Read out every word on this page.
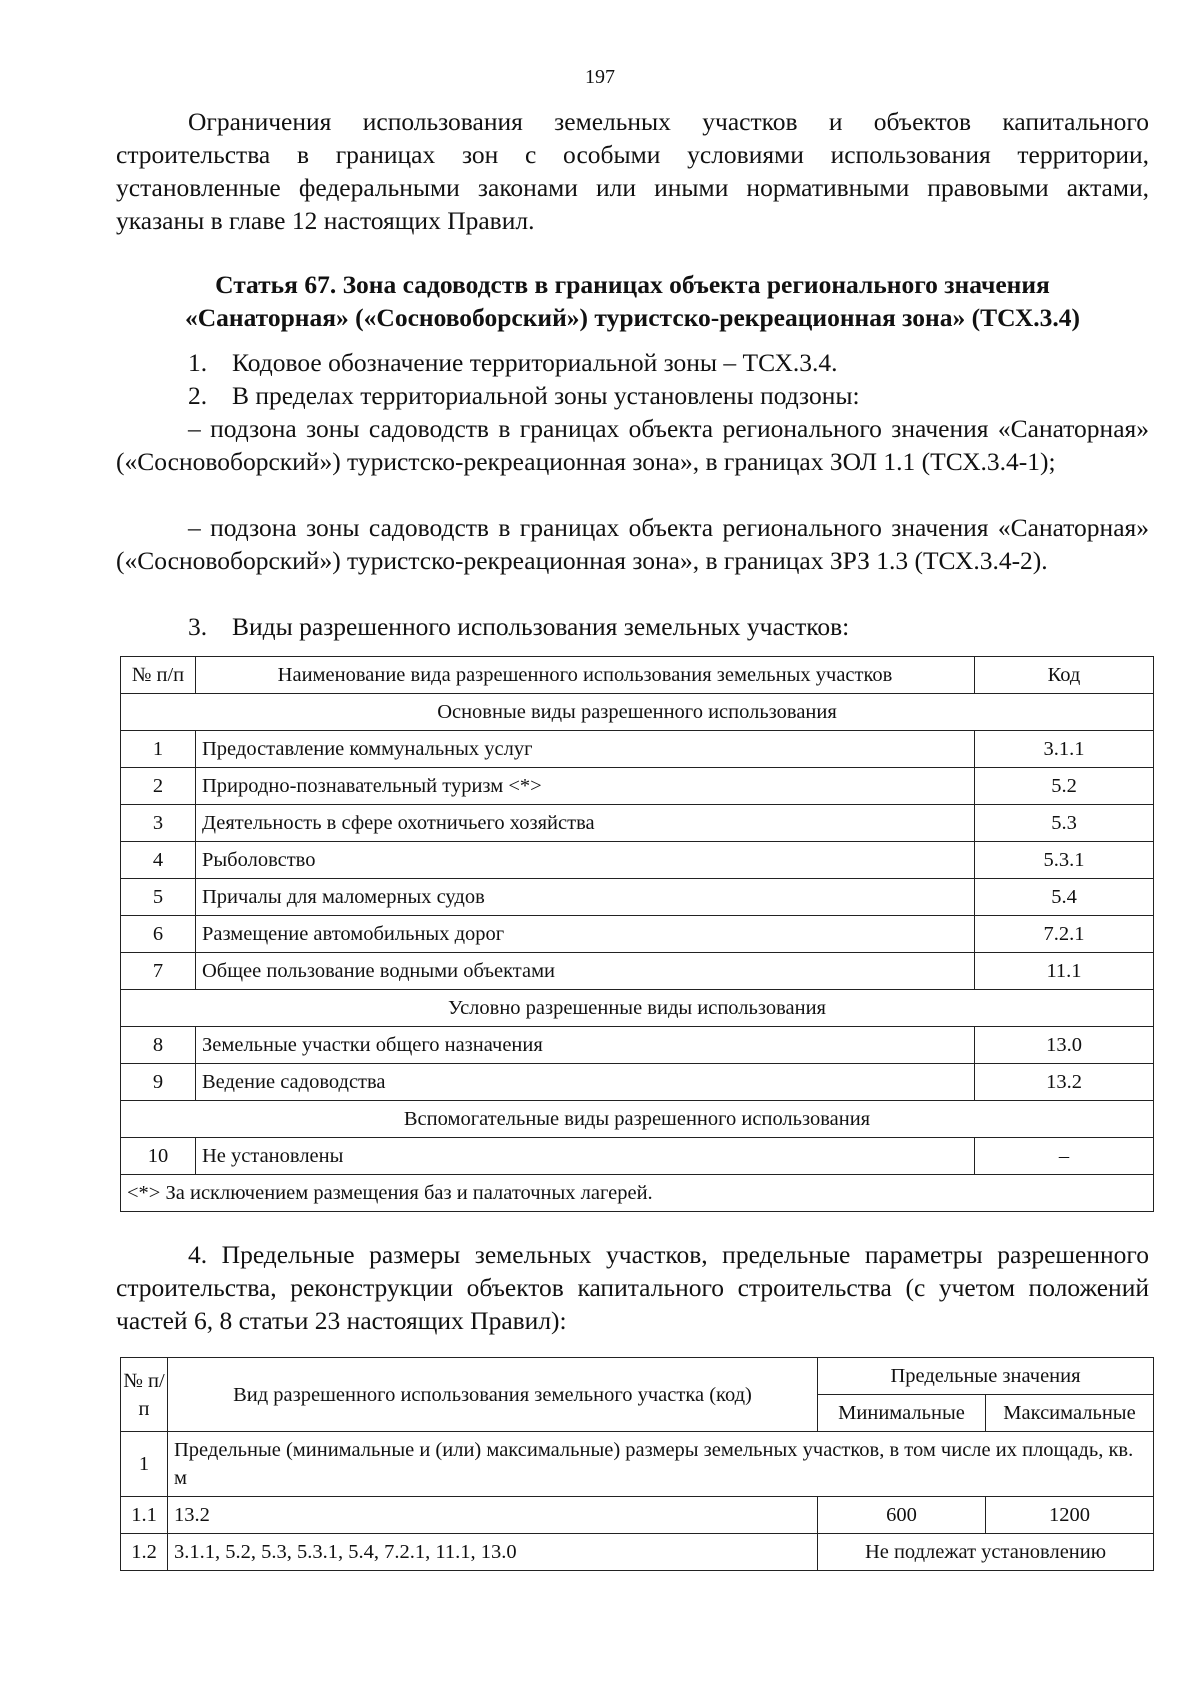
197

Ограничения использования земельных участков и объектов капитального строительства в границах зон с особыми условиями использования территории, установленные федеральными законами или иными нормативными правовыми актами, указаны в главе 12 настоящих Правил.

Статья 67. Зона садоводств в границах объекта регионального значения
«Санаторная» («Сосновоборский») туристско-рекреационная зона» (ТСХ.3.4)

1. Кодовое обозначение территориальной зоны – ТСХ.3.4.
2. В пределах территориальной зоны установлены подзоны:

– подзона зоны садоводств в границах объекта регионального значения «Санаторная» («Сосновоборский») туристско-рекреационная зона», в границах ЗОЛ 1.1 (ТСХ.3.4-1);

– подзона зоны садоводств в границах объекта регионального значения «Санаторная» («Сосновоборский») туристско-рекреационная зона», в границах ЗРЗ 1.3 (ТСХ.3.4-2).

3. Виды разрешенного использования земельных участков:
№ п/п	Наименование вида разрешенного использования земельных участков	Код
Основные виды разрешенного использования		
1	Предоставление коммунальных услуг	3.1.1
2	Природно-познавательный туризм <*>	5.2
3	Деятельность в сфере охотничьего хозяйства	5.3
4	Рыболовство	5.3.1
5	Причалы для маломерных судов	5.4
6	Размещение автомобильных дорог	7.2.1
7	Общее пользование водными объектами	11.1
Условно разрешенные виды использования		
8	Земельные участки общего назначения	13.0
9	Ведение садоводства	13.2
Вспомогательные виды разрешенного использования		
10	Не установлены	–
<*> За исключением размещения баз и палаточных лагерей.		

4. Предельные размеры земельных участков, предельные параметры разрешенного строительства, реконструкции объектов капитального строительства (с учетом положений частей 6, 8 статьи 23 настоящих Правил):

№ п/п	Вид разрешенного использования земельного участка (код)	Предельные значения	
		Минимальные	Максимальные
1	Предельные (минимальные и (или) максимальные) размеры земельных участков, в том числе их площадь, кв. м		
1.1	13.2	600	1200
1.2	3.1.1, 5.2, 5.3, 5.3.1, 5.4, 7.2.1, 11.1, 13.0	Не подлежат установлению	
